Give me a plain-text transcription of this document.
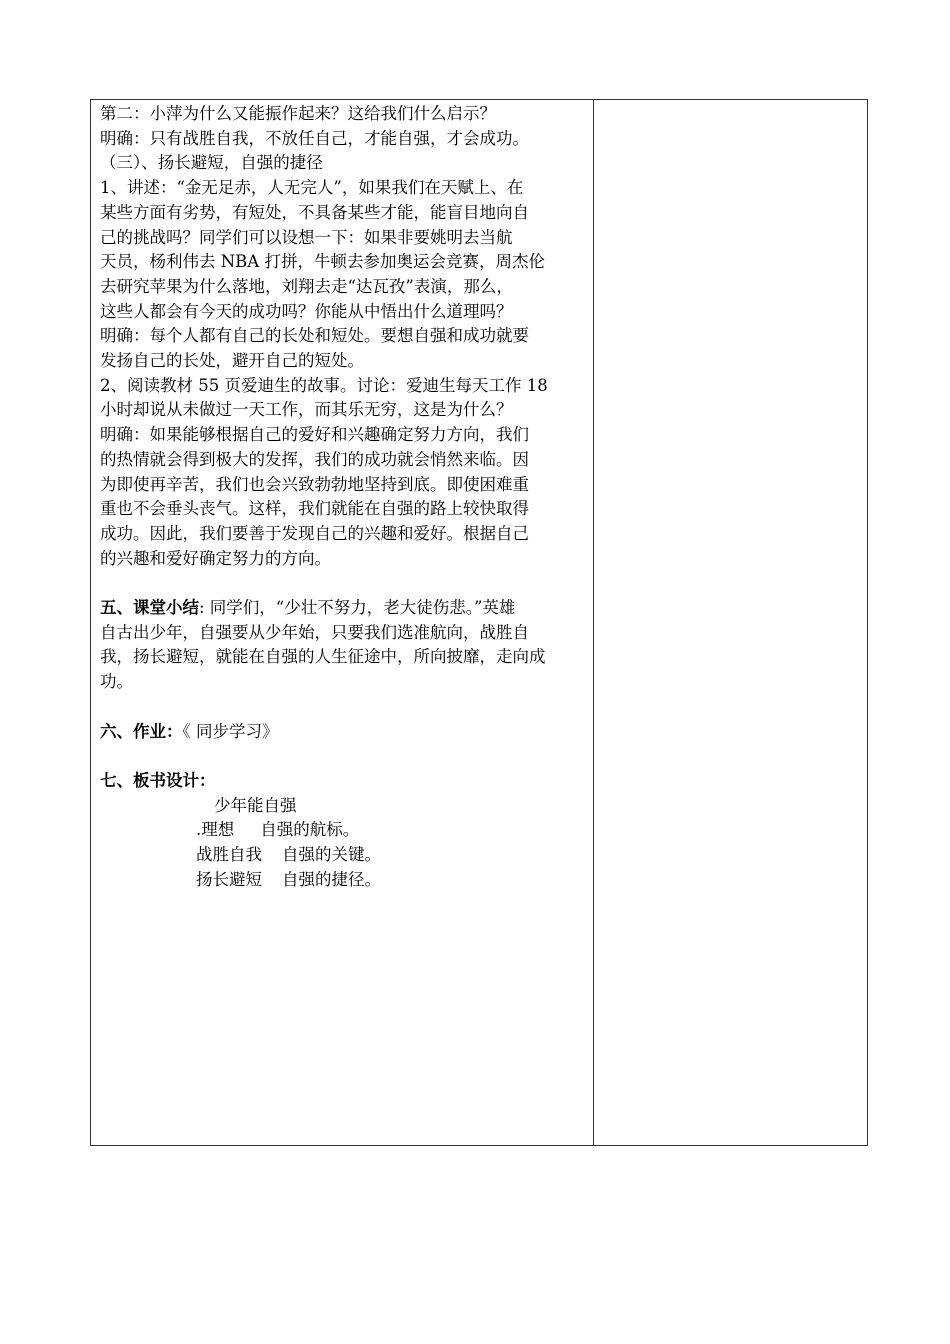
第二：小萍为什么又能振作起来？这给我们什么启示？
明确：只有战胜自我，不放任自己，才能自强，才会成功。
（三）、扬长避短，自强的捷径
1、讲述：“金无足赤，人无完人”，如果我们在天赋上、在
某些方面有劣势，有短处，不具备某些才能，能盲目地向自
己的挑战吗？同学们可以设想一下：如果非要姚明去当航
天员，杨利伟去 NBA 打拼，牛顿去参加奥运会竞赛，周杰伦
去研究苹果为什么落地，刘翔去走“达瓦孜”表演，那么，
这些人都会有今天的成功吗？你能从中悟出什么道理吗？
明确：每个人都有自己的长处和短处。要想自强和成功就要
发扬自己的长处，避开自己的短处。
2、阅读教材 55 页爱迪生的故事。讨论：爱迪生每天工作 18
小时却说从未做过一天工作，而其乐无穷，这是为什么？
明确：如果能够根据自己的爱好和兴趣确定努力方向，我们
的热情就会得到极大的发挥，我们的成功就会悄然来临。因
为即使再辛苦，我们也会兴致勃勃地坚持到底。即使困难重
重也不会垂头丧气。这样，我们就能在自强的路上较快取得
成功。因此，我们要善于发现自己的兴趣和爱好。根据自己
的兴趣和爱好确定努力的方向。
五、课堂小结: 同学们，“少壮不努力，老大徒伤悲。”英雄
自古出少年，自强要从少年始，只要我们选准航向，战胜自
我，扬长避短，就能在自强的人生征途中，所向披靡，走向成
功。
六、作业：《 同步学习》
七、板书设计：
少年能自强
.理想 自强的航标。
战胜自我 自强的关键。
扬长避短 自强的捷径。
